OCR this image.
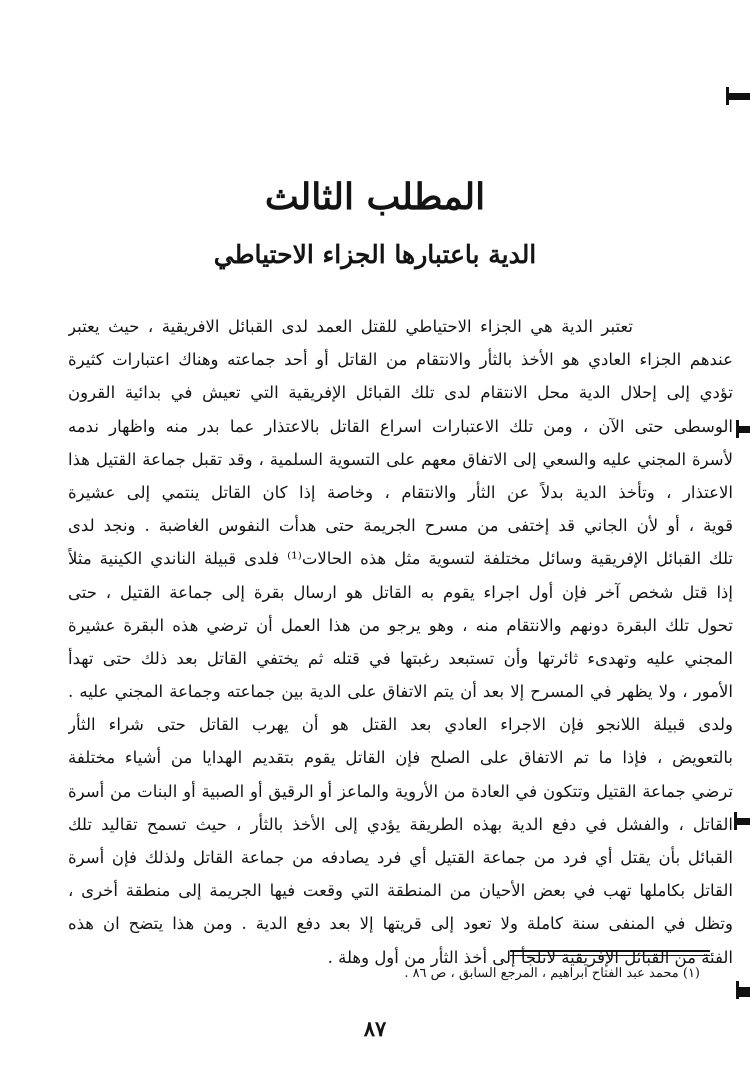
المطلب الثالث
الدية باعتبارها الجزاء الاحتياطي
تعتبر الدية هي الجزاء الاحتياطي للقتل العمد لدى القبائل الافريقية ، حيث يعتبر
عندهم الجزاء العادي هو الأخذ بالثأر والانتقام من القاتل أو أحد جماعته وهناك اعتبارات كثيرة
تؤدي إلى إحلال الدية محل الانتقام لدى تلك القبائل الإفريقية التي تعيش في بدائية القرون
الوسطى حتى الآن ، ومن تلك الاعتبارات اسراع القاتل بالاعتذار عما بدر منه واظهار ندمه
لأسرة المجني عليه والسعي إلى الاتفاق معهم على التسوية السلمية ، وقد تقبل جماعة القتيل هذا
الاعتذار ، وتأخذ الدية بدلاً عن الثأر والانتقام ، وخاصة إذا كان القاتل ينتمي إلى عشيرة
قوية ، أو لأن الجاني قد إختفى من مسرح الجريمة حتى هدأت النفوس الغاضبة . ونجد لدى
تلك القبائل الإفريقية وسائل مختلفة لتسوية مثل هذه الحالات⁽¹⁾ فلدى قبيلة الناندي الكينية مثلاً
إذا قتل شخص آخر فإن أول اجراء يقوم به القاتل هو ارسال بقرة إلى جماعة القتيل ، حتى
تحول تلك البقرة دونهم والانتقام منه ، وهو يرجو من هذا العمل أن ترضي هذه البقرة عشيرة
المجني عليه وتهدىء ثائرتها وأن تستبعد رغبتها في قتله ثم يختفي القاتل بعد ذلك حتى تهدأ
الأمور ، ولا يظهر في المسرح إلا بعد أن يتم الاتفاق على الدية بين جماعته وجماعة المجني عليه .
ولدى قبيلة اللانجو فإن الاجراء العادي بعد القتل هو أن يهرب القاتل حتى شراء الثأر
بالتعويض ، فإذا ما تم الاتفاق على الصلح فإن القاتل يقوم بتقديم الهدايا من أشياء مختلفة
ترضي جماعة القتيل وتتكون في العادة من الأروية والماعز أو الرقيق أو الصبية أو البنات من أسرة
القاتل ، والفشل في دفع الدية بهذه الطريقة يؤدي إلى الأخذ بالثأر ، حيث تسمح تقاليد تلك
القبائل بأن يقتل أي فرد من جماعة القتيل أي فرد يصادفه من جماعة القاتل ولذلك فإن أسرة
القاتل بكاملها تهب في بعض الأحيان من المنطقة التي وقعت فيها الجريمة إلى منطقة أخرى ،
وتظل في المنفى سنة كاملة ولا تعود إلى قريتها إلا بعد دفع الدية . ومن هذا يتضح ان هذه
الفئة من القبائل الإفريقية لاتلجأ إلى أخذ الثأر من أول وهلة .
(١) محمد عبد الفتاح ابراهيم ، المرجع السابق ، ص ٨٦ .
٨٧
